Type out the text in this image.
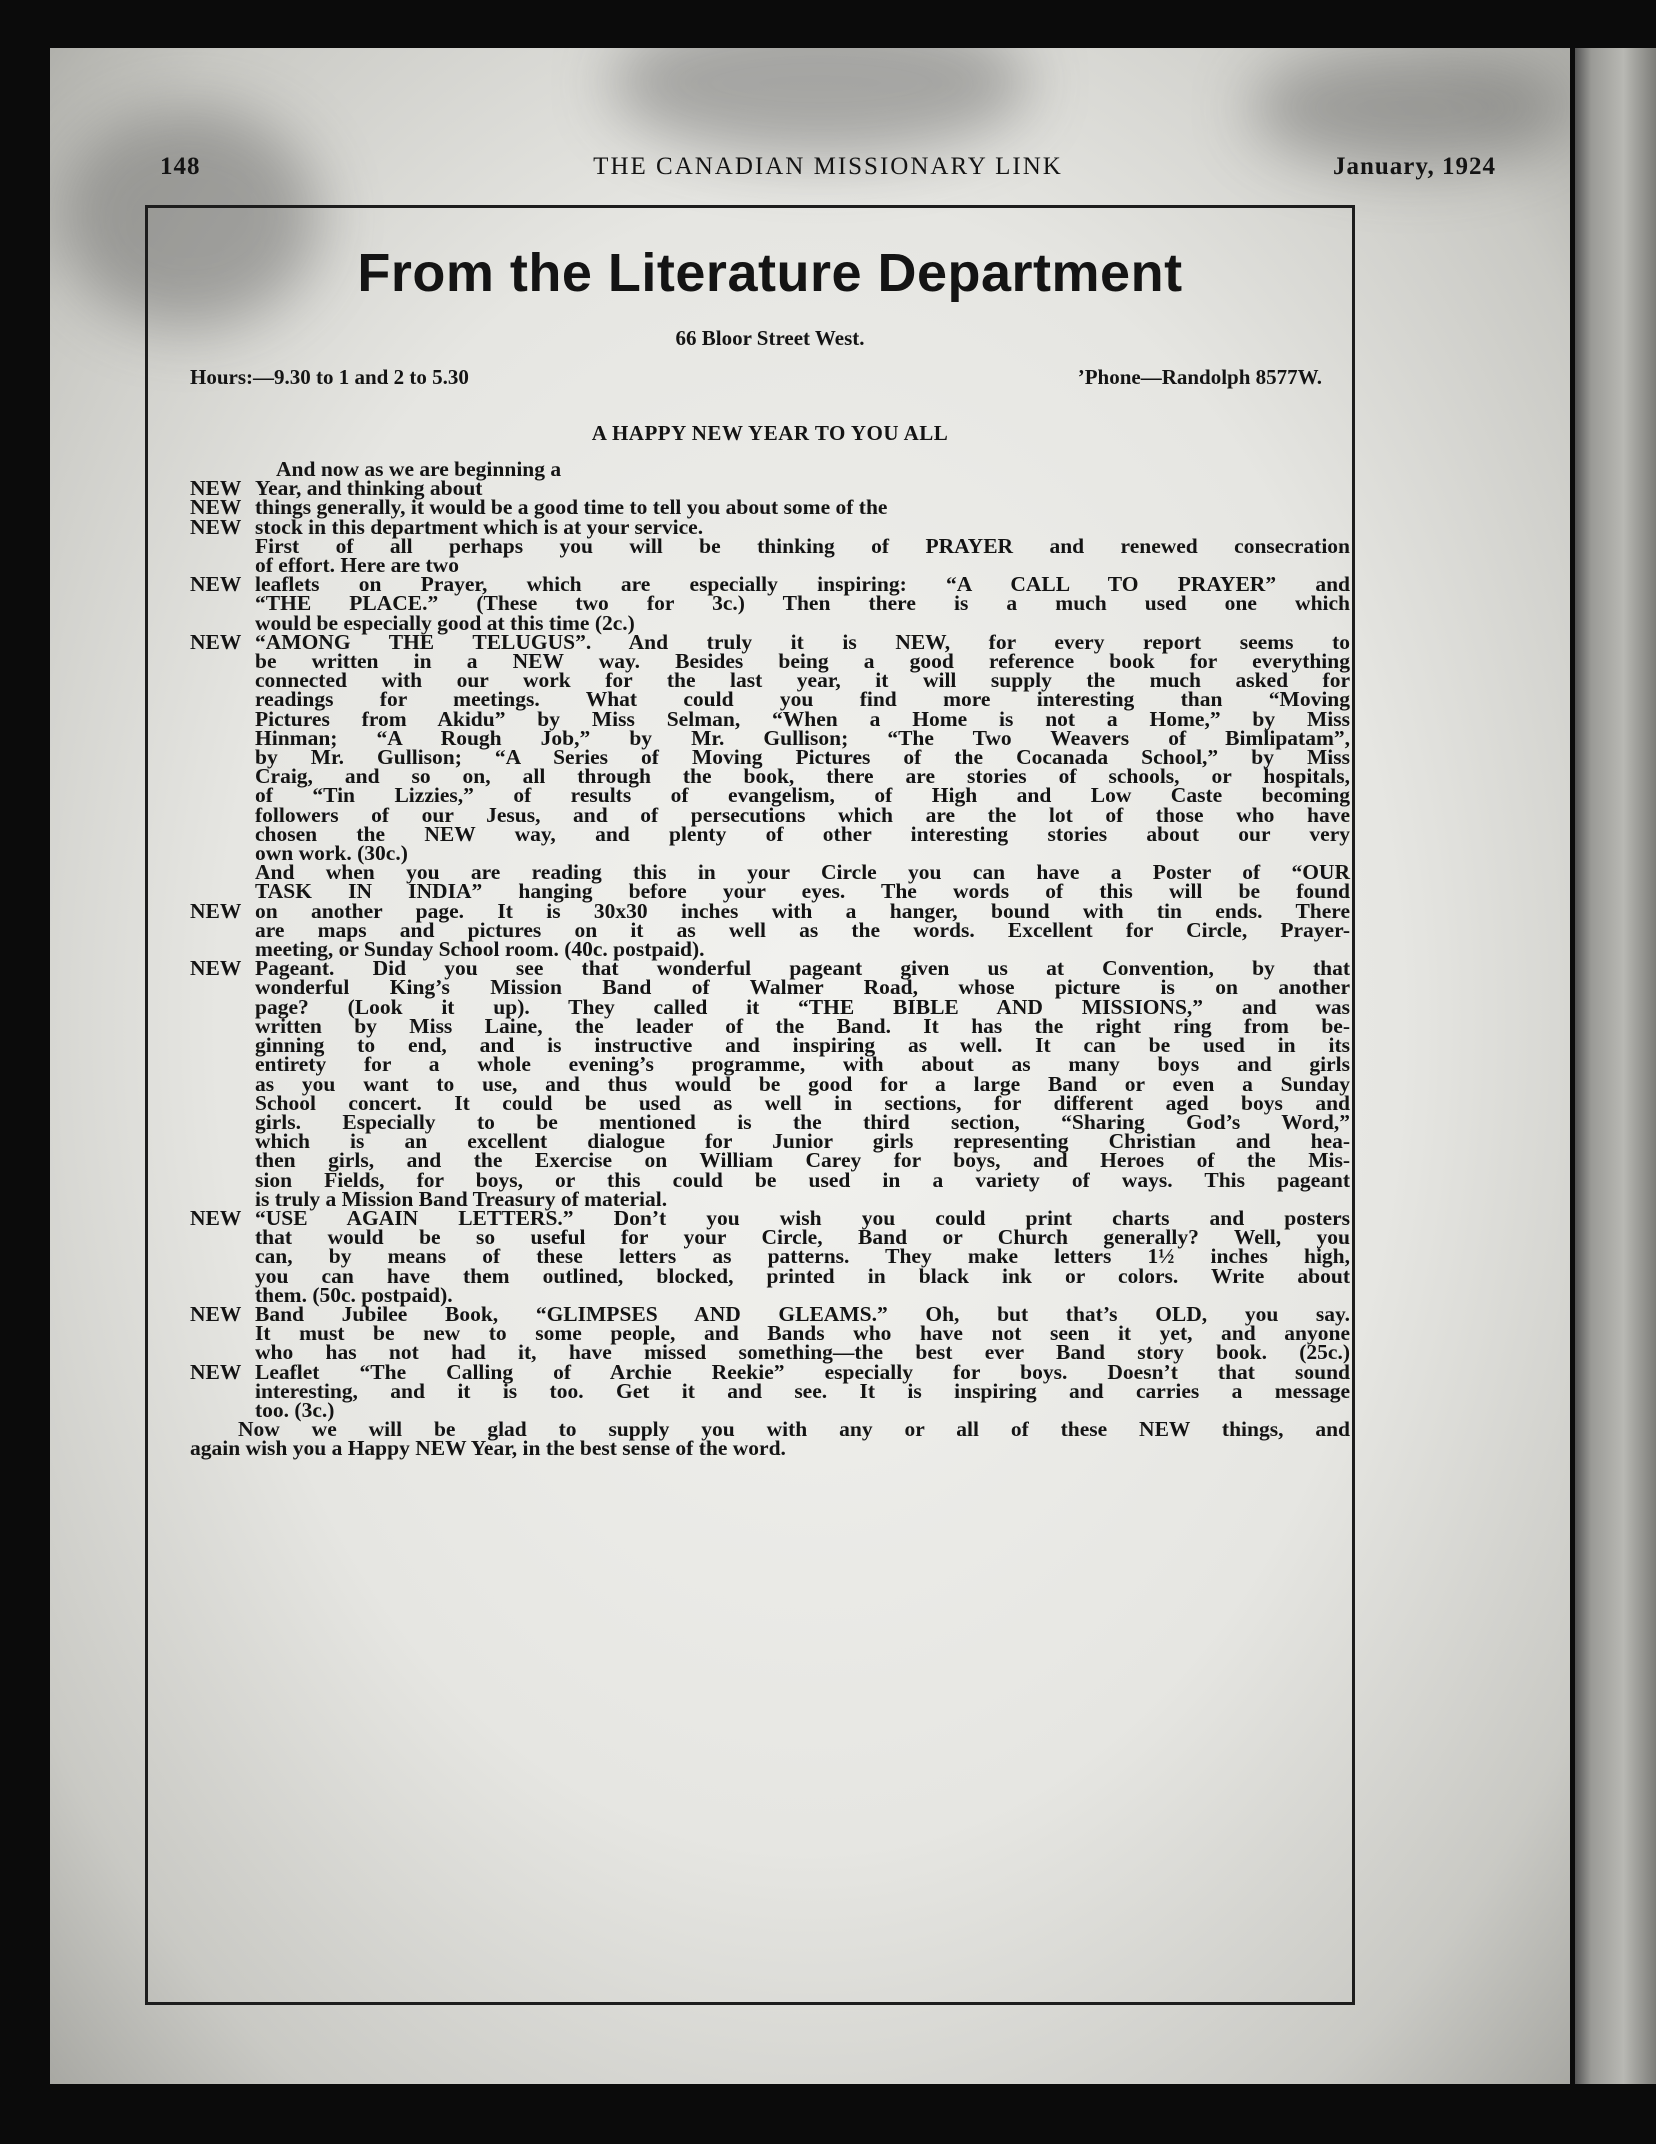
148	THE CANADIAN MISSIONARY LINK	January, 1924
From the Literature Department
66 Bloor Street West.
Hours:—9.30 to 1 and 2 to 5.30	’Phone—Randolph 8577W.
A HAPPY NEW YEAR TO YOU ALL
And now as we are beginning a
NEW Year, and thinking about
NEW things generally, it would be a good time to tell you about some of the
NEW stock in this department which is at your service.
First of all perhaps you will be thinking of PRAYER and renewed consecration
of effort. Here are two
NEW leaflets on Prayer, which are especially inspiring: “A CALL TO PRAYER” and
“THE PLACE.” (These two for 3c.) Then there is a much used one which
would be especially good at this time (2c.)
NEW “AMONG THE TELUGUS”. And truly it is NEW, for every report seems to
be written in a NEW way. Besides being a good reference book for everything
connected with our work for the last year, it will supply the much asked for
readings for meetings. What could you find more interesting than “Moving
Pictures from Akidu” by Miss Selman, “When a Home is not a Home,” by Miss
Hinman; “A Rough Job,” by Mr. Gullison; “The Two Weavers of Bimlipatam”,
by Mr. Gullison; “A Series of Moving Pictures of the Cocanada School,” by Miss
Craig, and so on, all through the book, there are stories of schools, or hospitals,
of “Tin Lizzies,” of results of evangelism, of High and Low Caste becoming
followers of our Jesus, and of persecutions which are the lot of those who have
chosen the NEW way, and plenty of other interesting stories about our very
own work. (30c.)
And when you are reading this in your Circle you can have a Poster of “OUR
TASK IN INDIA” hanging before your eyes. The words of this will be found
NEW on another page. It is 30x30 inches with a hanger, bound with tin ends. There
are maps and pictures on it as well as the words. Excellent for Circle, Prayer-
meeting, or Sunday School room. (40c. postpaid).
NEW Pageant. Did you see that wonderful pageant given us at Convention, by that
wonderful King’s Mission Band of Walmer Road, whose picture is on another
page? (Look it up). They called it “THE BIBLE AND MISSIONS,” and was
written by Miss Laine, the leader of the Band. It has the right ring from be-
ginning to end, and is instructive and inspiring as well. It can be used in its
entirety for a whole evening’s programme, with about as many boys and girls
as you want to use, and thus would be good for a large Band or even a Sunday
School concert. It could be used as well in sections, for different aged boys and
girls. Especially to be mentioned is the third section, “Sharing God’s Word,”
which is an excellent dialogue for Junior girls representing Christian and hea-
then girls, and the Exercise on William Carey for boys, and Heroes of the Mis-
sion Fields, for boys, or this could be used in a variety of ways. This pageant
is truly a Mission Band Treasury of material.
NEW “USE AGAIN LETTERS.” Don’t you wish you could print charts and posters
that would be so useful for your Circle, Band or Church generally? Well, you
can, by means of these letters as patterns. They make letters 1½ inches high,
you can have them outlined, blocked, printed in black ink or colors. Write about
them. (50c. postpaid).
NEW Band Jubilee Book, “GLIMPSES AND GLEAMS.” Oh, but that’s OLD, you say.
It must be new to some people, and Bands who have not seen it yet, and anyone
who has not had it, have missed something—the best ever Band story book. (25c.)
NEW Leaflet “The Calling of Archie Reekie” especially for boys. Doesn’t that sound
interesting, and it is too. Get it and see. It is inspiring and carries a message
too. (3c.)
Now we will be glad to supply you with any or all of these NEW things, and
again wish you a Happy NEW Year, in the best sense of the word.
